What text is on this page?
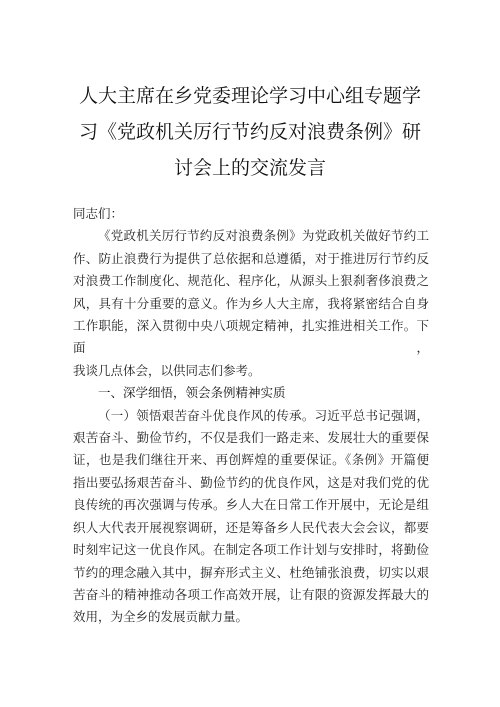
人大主席在乡党委理论学习中心组专题学
习《党政机关厉行节约反对浪费条例》研
讨会上的交流发言
同志们：
《党政机关厉行节约反对浪费条例》为党政机关做好节约工
作、防止浪费行为提供了总依据和总遵循，对于推进厉行节约反
对浪费工作制度化、规范化、程序化，从源头上狠刹奢侈浪费之
风，具有十分重要的意义。作为乡人大主席，我将紧密结合自身
工作职能，深入贯彻中央八项规定精神，扎实推进相关工作。下面，
我谈几点体会，以供同志们参考。
一、深学细悟，领会条例精神实质
（一）领悟艰苦奋斗优良作风的传承。习近平总书记强调，
艰苦奋斗、勤俭节约，不仅是我们一路走来、发展壮大的重要保
证，也是我们继往开来、再创辉煌的重要保证。《条例》开篇便
指出要弘扬艰苦奋斗、勤俭节约的优良作风，这是对我们党的优
良传统的再次强调与传承。乡人大在日常工作开展中，无论是组
织人大代表开展视察调研，还是筹备乡人民代表大会会议，都要
时刻牢记这一优良作风。在制定各项工作计划与安排时，将勤俭
节约的理念融入其中，摒弃形式主义、杜绝铺张浪费，切实以艰
苦奋斗的精神推动各项工作高效开展，让有限的资源发挥最大的
效用，为全乡的发展贡献力量。
